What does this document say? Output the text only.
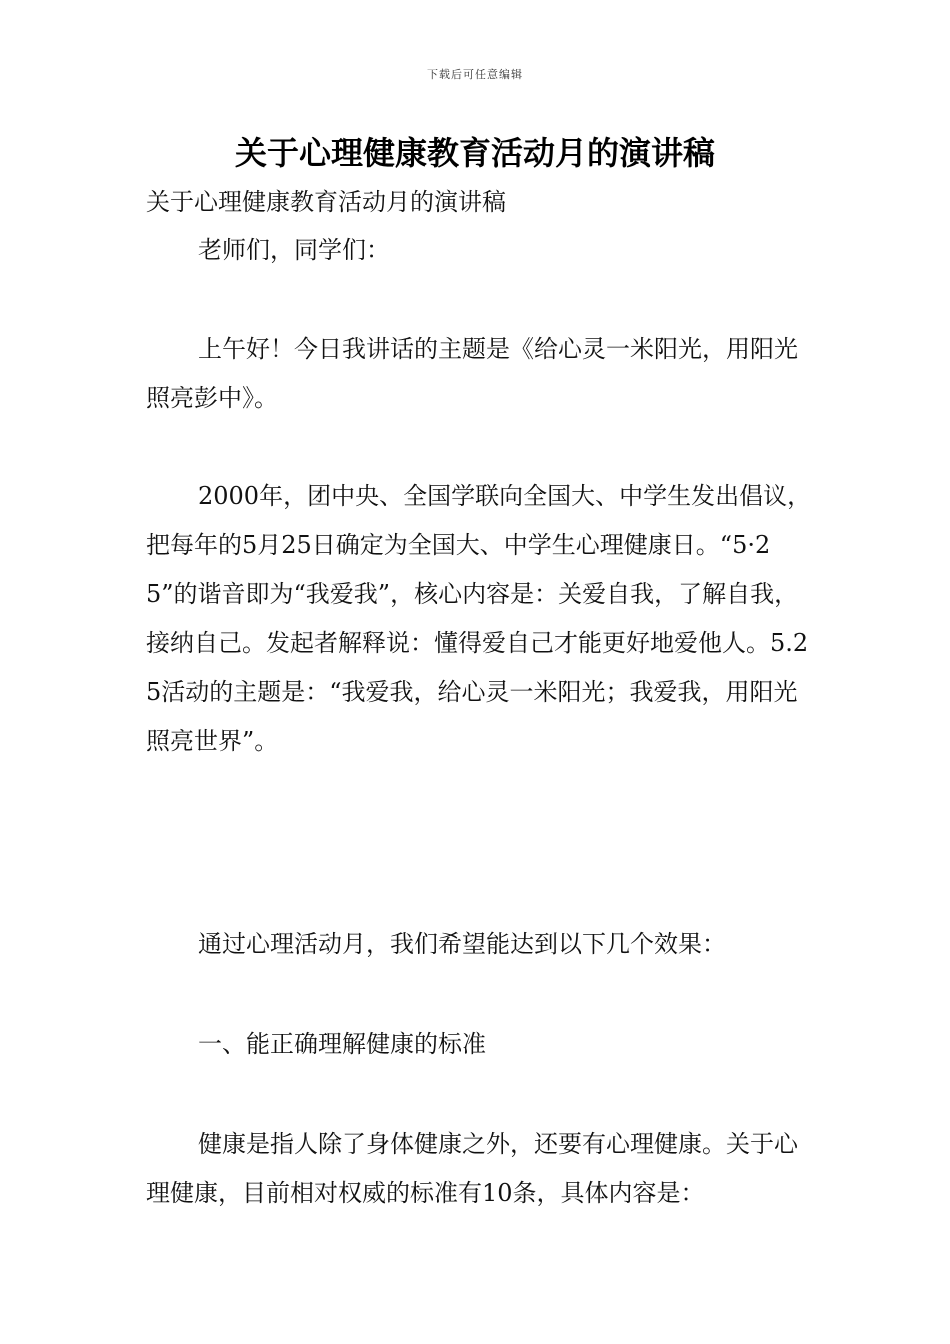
下载后可任意编辑
关于心理健康教育活动月的演讲稿

关于心理健康教育活动月的演讲稿

老师们，同学们：

上午好！今日我讲话的主题是《给心灵一米阳光，用阳光照亮彭中》。

2000年，团中央、全国学联向全国大、中学生发出倡议，把每年的5月25日确定为全国大、中学生心理健康日。“5·25”的谐音即为“我爱我”，核心内容是：关爱自我，了解自我，接纳自己。发起者解释说：懂得爱自己才能更好地爱他人。5.25活动的主题是：“我爱我，给心灵一米阳光；我爱我，用阳光照亮世界”。

通过心理活动月，我们希望能达到以下几个效果：

一、能正确理解健康的标准

健康是指人除了身体健康之外，还要有心理健康。关于心理健康，目前相对权威的标准有10条，具体内容是：
